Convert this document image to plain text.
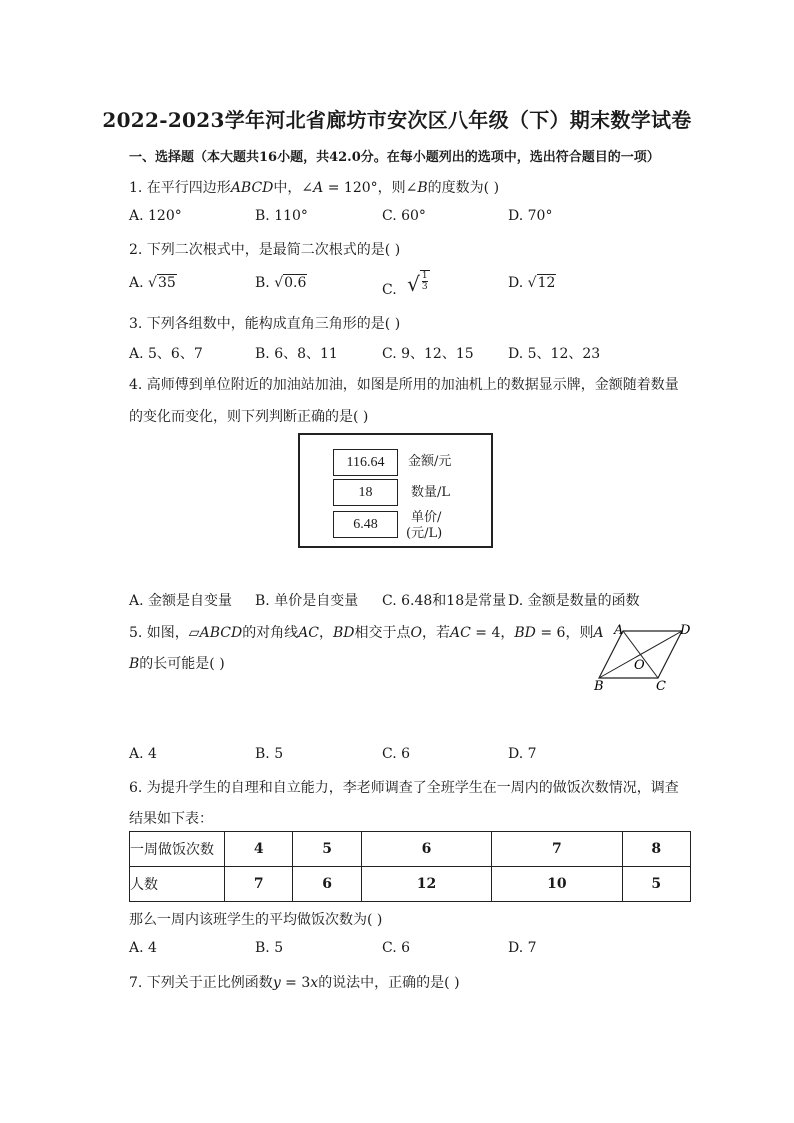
2022-2023学年河北省廊坊市安次区八年级（下）期末数学试卷
一、选择题（本大题共16小题，共42.0分。在每小题列出的选项中，选出符合题目的一项）
1. 在平行四边形ABCD中，∠A = 120°，则∠B的度数为( )
A. 120°	B. 110°	C. 60°	D. 70°
2. 下列二次根式中，是最简二次根式的是( )
A. √35	B. √0.6	C. √ $\frac{1}{3}$	D. √12
3. 下列各组数中，能构成直角三角形的是( )
A. 5、6、7	B. 6、8、11	C. 9、12、15 D. 5、12、23
4. 高师傅到单位附近的加油站加油，如图是所用的加油机上的数据显示牌，金额随着数量
的变化而变化，则下列判断正确的是( )
116.64	金额/元
18	数量/L
6.48	单价/
(元/L)
A. 金额是自变量 B. 单价是自变量 C. 6.48和18是常量 D. 金额是数量的函数
5. 如图，▱ABCD的对角线AC，BD相交于点O，若AC = 4，BD = 6，则A
B的长可能是( )
A	D
B	C
O
A. 4	B. 5	C. 6	D. 7
6. 为提升学生的自理和自立能力，李老师调查了全班学生在一周内的做饭次数情况，调查
结果如下表：
一周做饭次数	4	5	6	7	8
人数	7	6	12	10	5
那么一周内该班学生的平均做饭次数为( )
A. 4	B. 5	C. 6	D. 7
7. 下列关于正比例函数y = 3x的说法中，正确的是( )
